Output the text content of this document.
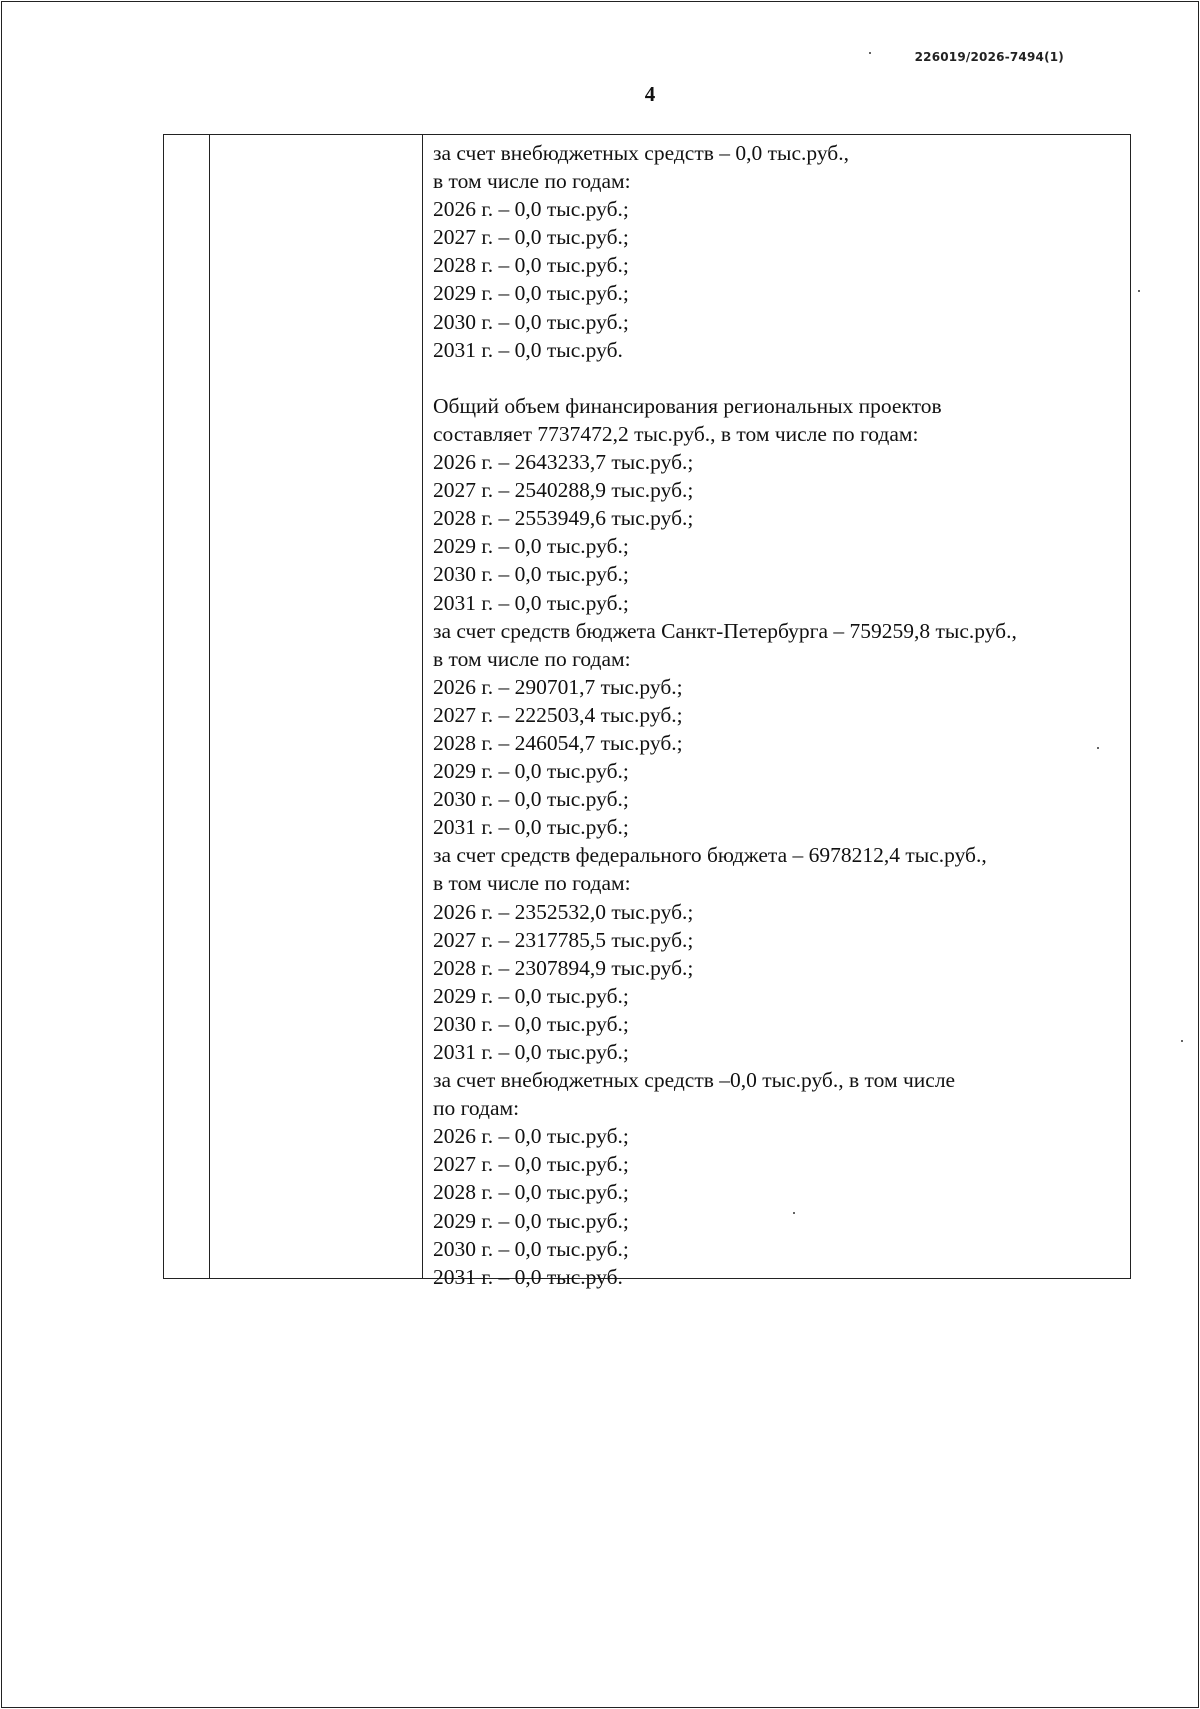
226019/2026-7494(1)
4
за счет внебюджетных средств – 0,0 тыс.руб.,
в том числе по годам:
2026 г. – 0,0 тыс.руб.;
2027 г. – 0,0 тыс.руб.;
2028 г. – 0,0 тыс.руб.;
2029 г. – 0,0 тыс.руб.;
2030 г. – 0,0 тыс.руб.;
2031 г. – 0,0 тыс.руб.
Общий объем финансирования региональных проектов
составляет 7737472,2 тыс.руб., в том числе по годам:
2026 г. – 2643233,7 тыс.руб.;
2027 г. – 2540288,9 тыс.руб.;
2028 г. – 2553949,6 тыс.руб.;
2029 г. – 0,0 тыс.руб.;
2030 г. – 0,0 тыс.руб.;
2031 г. – 0,0 тыс.руб.;
за счет средств бюджета Санкт-Петербурга – 759259,8 тыс.руб.,
в том числе по годам:
2026 г. – 290701,7 тыс.руб.;
2027 г. – 222503,4 тыс.руб.;
2028 г. – 246054,7 тыс.руб.;
2029 г. – 0,0 тыс.руб.;
2030 г. – 0,0 тыс.руб.;
2031 г. – 0,0 тыс.руб.;
за счет средств федерального бюджета – 6978212,4 тыс.руб.,
в том числе по годам:
2026 г. – 2352532,0 тыс.руб.;
2027 г. – 2317785,5 тыс.руб.;
2028 г. – 2307894,9 тыс.руб.;
2029 г. – 0,0 тыс.руб.;
2030 г. – 0,0 тыс.руб.;
2031 г. – 0,0 тыс.руб.;
за счет внебюджетных средств –0,0 тыс.руб., в том числе
по годам:
2026 г. – 0,0 тыс.руб.;
2027 г. – 0,0 тыс.руб.;
2028 г. – 0,0 тыс.руб.;
2029 г. – 0,0 тыс.руб.;
2030 г. – 0,0 тыс.руб.;
2031 г. – 0,0 тыс.руб.
